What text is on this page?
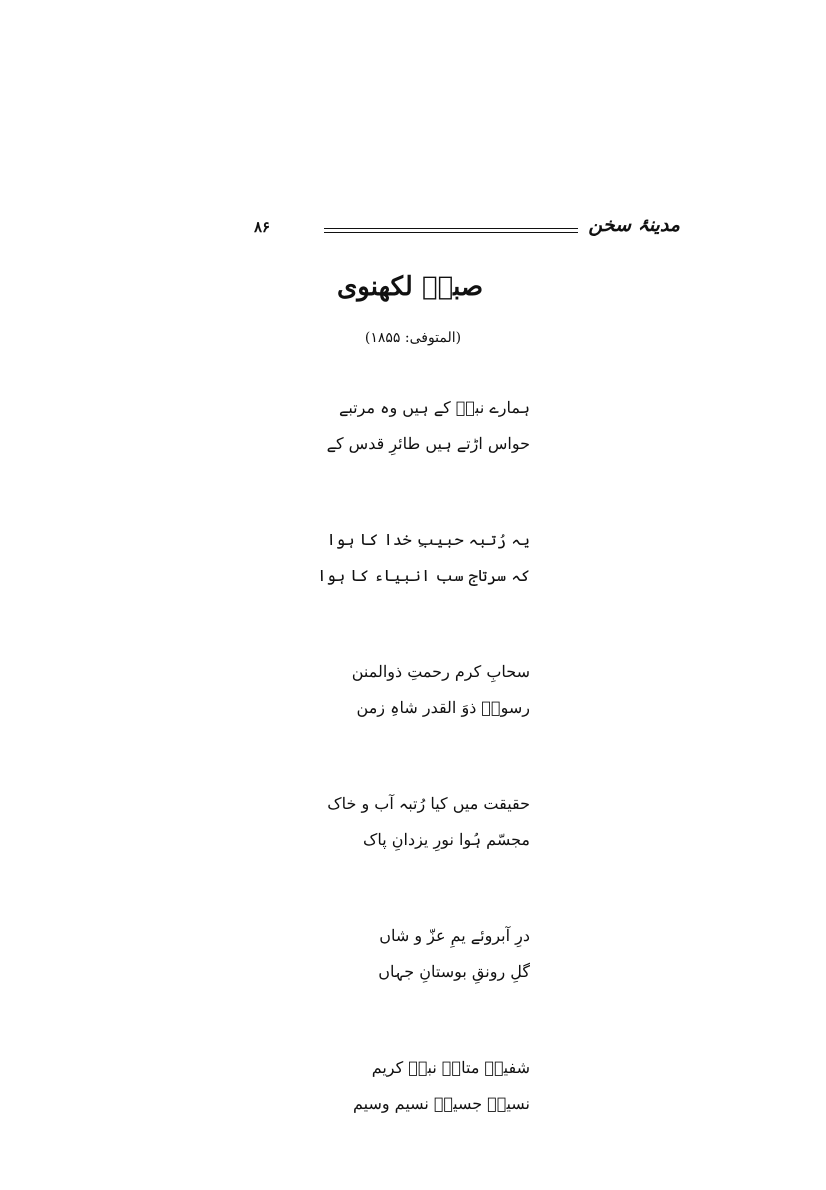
۸۶	مدینۂ سخن
صباؔ لکھنوی
(المتوفی: ۱۸۵۵)
ہمارے نبیؐ کے ہیں وہ مرتبے
حواس اڑتے ہیں طائرِ قدس کے
یہ رُتبہ حبیبِ خدا کا ہوا
کہ سرتاج سب انبیاء کا ہوا
سحابِ کرم رحمتِ ذوالمنن
رسولؐ ذوَ القدر شاہِ زمن
حقیقت میں کیا رُتبہ آب و خاک
مجسّم ہُوا نورِ یزدانِ پاک
درِ آبروئے یمِ عزّ و شاں
گلِ رونقِ بوستانِ جہاں
شفیعؐ متاعؐ نبیؐ کریم
نسیمؐ جسیمؐ نسیم وسیم
